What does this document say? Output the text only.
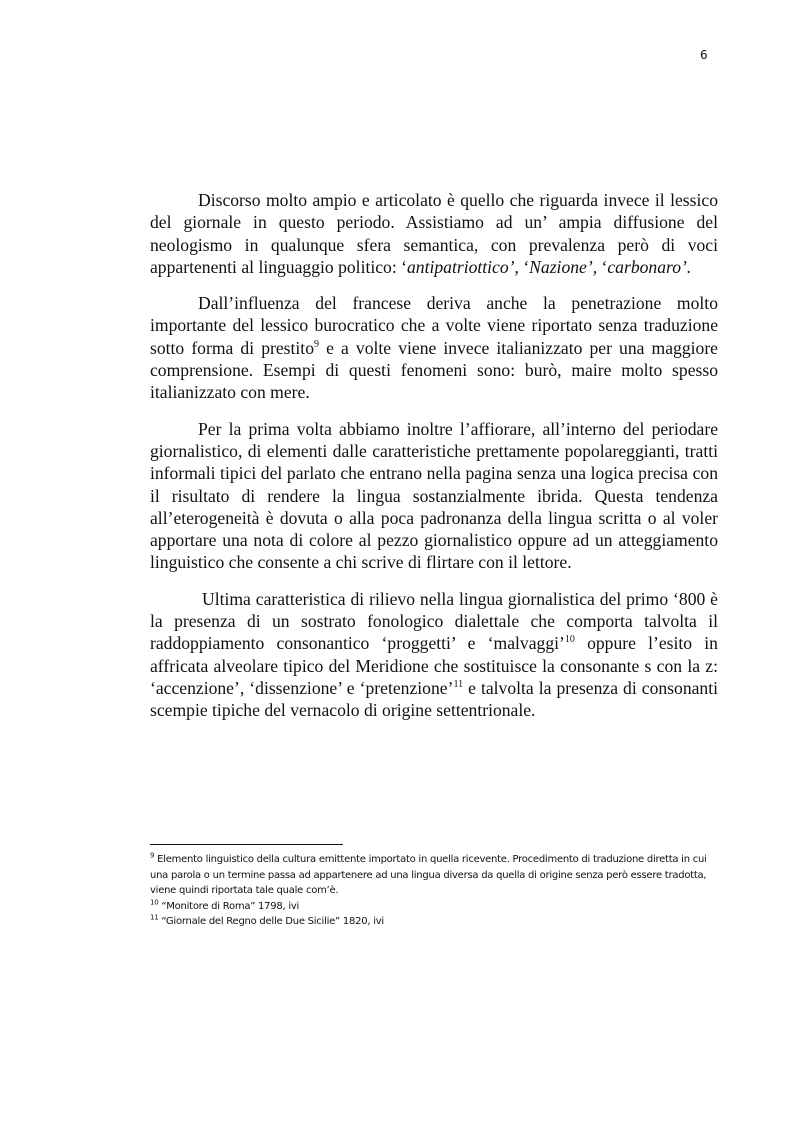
6

Discorso molto ampio e articolato è quello che riguarda invece il lessico del giornale in questo periodo. Assistiamo ad un’ ampia diffusione del neologismo in qualunque sfera semantica, con prevalenza però di voci appartenenti al linguaggio politico: ‘antipatriottico’, ‘Nazione’, ‘carbonaro’.

Dall’influenza del francese deriva anche la penetrazione molto importante del lessico burocratico che a volte viene riportato senza traduzione sotto forma di prestito$^9$ e a volte viene invece italianizzato per una maggiore comprensione. Esempi di questi fenomeni sono: burò, maire molto spesso italianizzato con mere.

Per la prima volta abbiamo inoltre l’affiorare, all’interno del periodare giornalistico, di elementi dalle caratteristiche prettamente popolareggianti, tratti informali tipici del parlato che entrano nella pagina senza una logica precisa con il risultato di rendere la lingua sostanzialmente ibrida. Questa tendenza all’eterogeneità è dovuta o alla poca padronanza della lingua scritta o al voler apportare una nota di colore al pezzo giornalistico oppure ad un atteggiamento linguistico che consente a chi scrive di flirtare con il lettore.

Ultima caratteristica di rilievo nella lingua giornalistica del primo ‘800 è la presenza di un sostrato fonologico dialettale che comporta talvolta il raddoppiamento consonantico ‘proggetti’ e ‘malvaggi’$^{10}$ oppure l’esito in affricata alveolare tipico del Meridione che sostituisce la consonante s con la z: ‘accenzione’, ‘dissenzione’ e ‘pretenzione’$^{11}$ e talvolta la presenza di consonanti scempie tipiche del vernacolo di origine settentrionale.

$^9$ Elemento linguistico della cultura emittente importato in quella ricevente. Procedimento di traduzione diretta in cui una parola o un termine passa ad appartenere ad una lingua diversa da quella di origine senza però essere tradotta, viene quindi riportata tale quale com’è.

$^{10}$ “Monitore di Roma” 1798, ivi

$^{11}$ “Giornale del Regno delle Due Sicilie” 1820, ivi
